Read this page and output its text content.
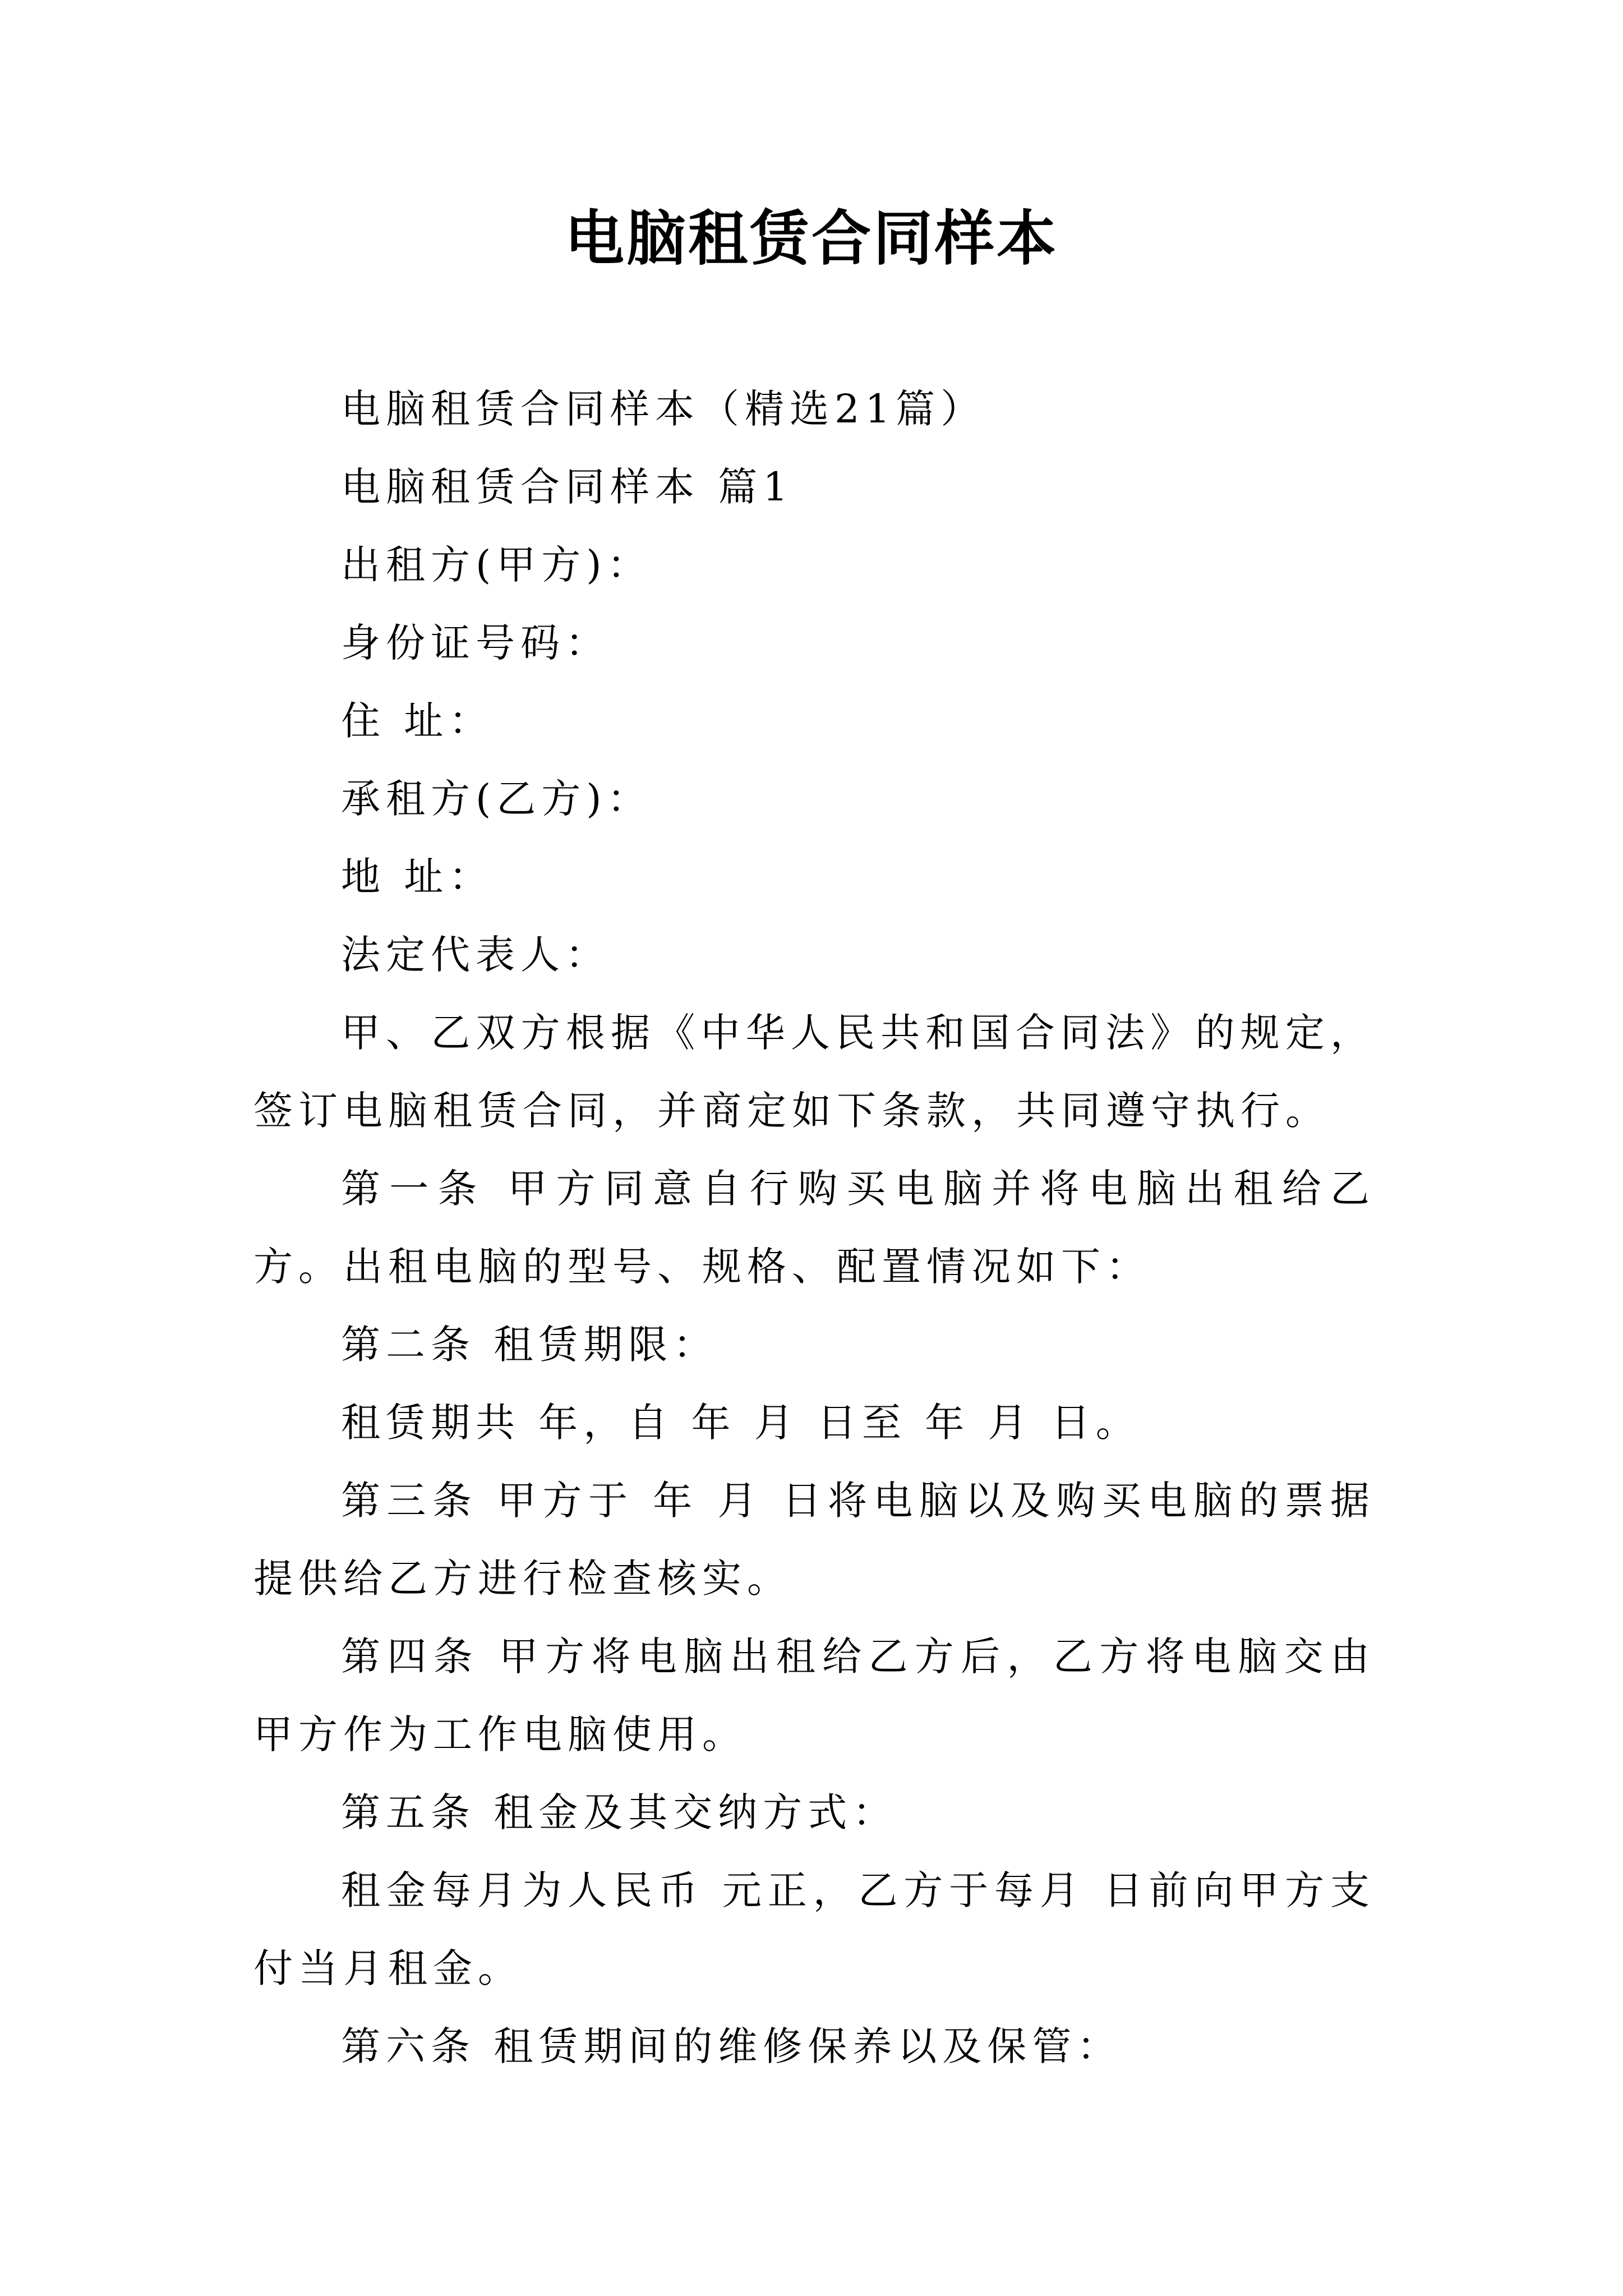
电脑租赁合同样本

电脑租赁合同样本（精选21篇）

电脑租赁合同样本 篇1

出租方(甲方)：

身份证号码：

住 址：

承租方(乙方)：

地 址：

法定代表人：

甲、乙双方根据《中华人民共和国合同法》的规定，签订电脑租赁合同，并商定如下条款，共同遵守执行。

第一条 甲方同意自行购买电脑并将电脑出租给乙方。出租电脑的型号、规格、配置情况如下：

第二条 租赁期限：

租赁期共 年，自 年 月 日至 年 月 日。

第三条 甲方于 年 月 日将电脑以及购买电脑的票据提供给乙方进行检查核实。

第四条 甲方将电脑出租给乙方后，乙方将电脑交由甲方作为工作电脑使用。

第五条 租金及其交纳方式：

租金每月为人民币 元正，乙方于每月 日前向甲方支付当月租金。

第六条 租赁期间的维修保养以及保管：
